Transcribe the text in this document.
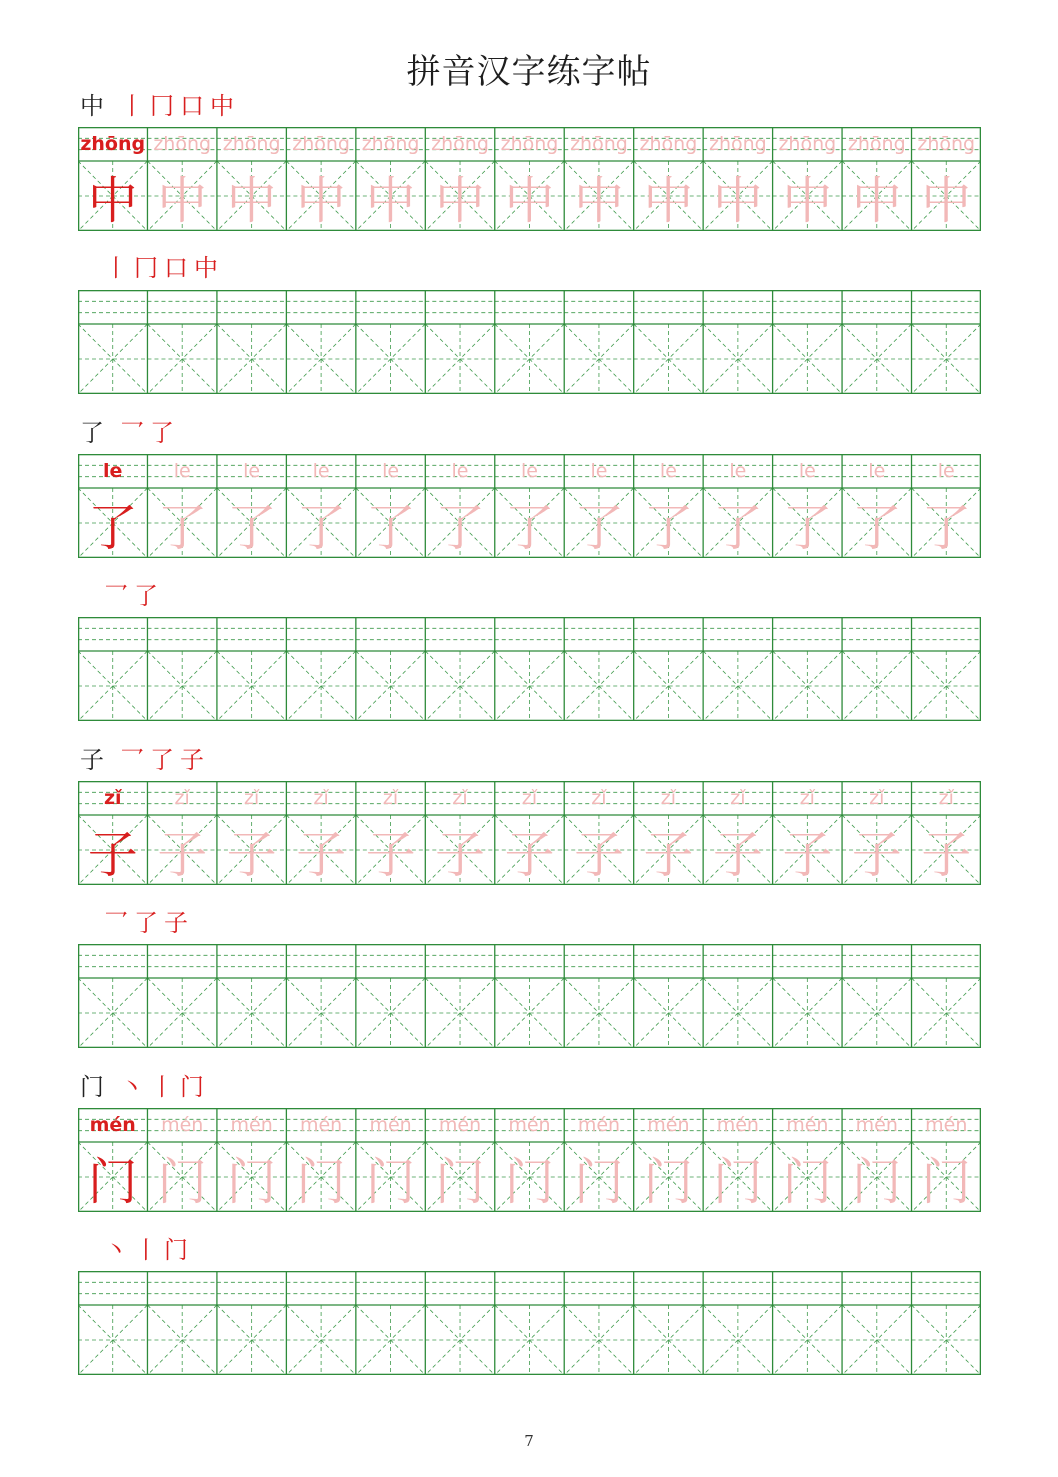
拼音汉字练字帖
中 丨 冂 口 中
zhōng
中
zhōng
中
zhōng
中
zhōng
中
zhōng
中
zhōng
中
zhōng
中
zhōng
中
zhōng
中
zhōng
中
zhōng
中
zhōng
中
zhōng
中
丨 冂 口 中
了 乛 了
le
了
le
了
le
了
le
了
le
了
le
了
le
了
le
了
le
了
le
了
le
了
le
了
le
了
乛 了
子 乛 了 子
zǐ
子
zǐ
子
zǐ
子
zǐ
子
zǐ
子
zǐ
子
zǐ
子
zǐ
子
zǐ
子
zǐ
子
zǐ
子
zǐ
子
zǐ
子
乛 了 子
门 丶 丨 门
mén
门
mén
门
mén
门
mén
门
mén
门
mén
门
mén
门
mén
门
mén
门
mén
门
mén
门
mén
门
mén
门
丶 丨 门
7
